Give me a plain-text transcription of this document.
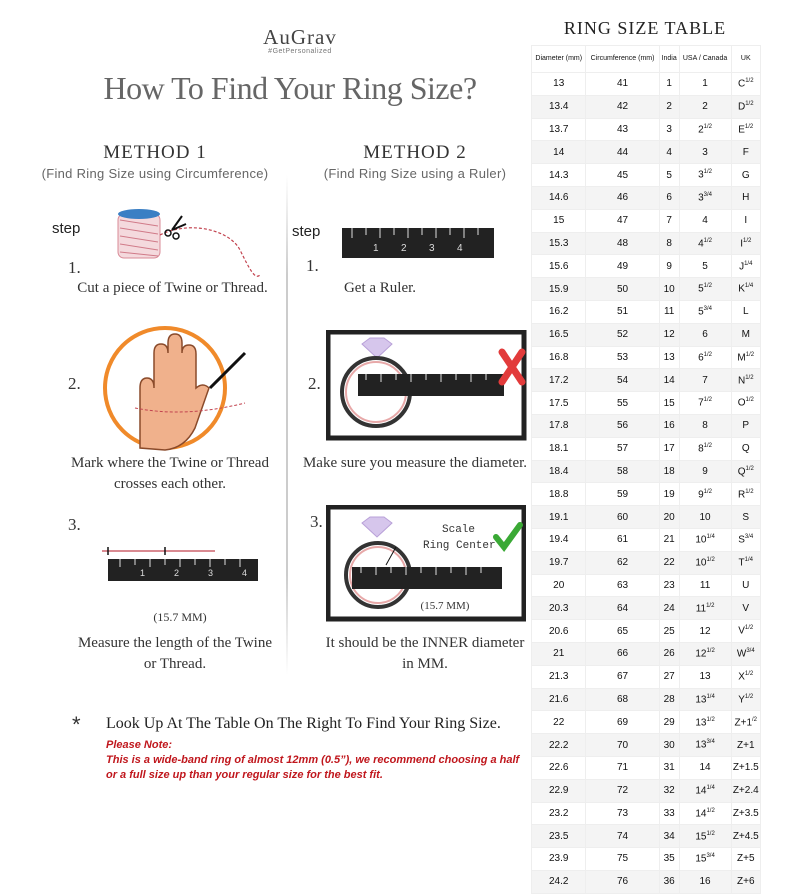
AuGrav
#GetPersonalized
How To Find Your Ring Size?
METHOD 1
(Find Ring Size using Circumference)
step
1.
Cut a piece of Twine or Thread.
2.
Mark where the Twine or Thread crosses each other.
3.
1	2	3	4
(15.7 MM)
Measure the length of the Twine or Thread.
METHOD 2
(Find Ring Size using a Ruler)
step
1 2 3 4
1.
Get a Ruler.
2.
Make sure you measure the diameter.
Scale
Ring Center
3.
(15.7 MM)
It should be the INNER diameter in MM.
RING SIZE TABLE
Diameter (mm)	Circumference (mm)	India	USA / Canada	UK
13	41	1	1	$C^{1/2}$
13.4	42	2	2	$D^{1/2}$
13.7	43	3	$2^{1/2}$	$E^{1/2}$
14	44	4	3	F
14.3	45	5	$3^{1/2}$	G
14.6	46	6	$3^{3/4}$	H
15	47	7	4	I
15.3	48	8	$4^{1/2}$	$I^{1/2}$
15.6	49	9	5	$J^{1/4}$
15.9	50	10	$5^{1/2}$	$K^{1/4}$
16.2	51	11	$5^{3/4}$	L
16.5	52	12	6	M
16.8	53	13	$6^{1/2}$	$M^{1/2}$
17.2	54	14	7	$N^{1/2}$
17.5	55	15	$7^{1/2}$	$O^{1/2}$
17.8	56	16	8	P
18.1	57	17	$8^{1/2}$	Q
18.4	58	18	9	$Q^{1/2}$
18.8	59	19	$9^{1/2}$	$R^{1/2}$
19.1	60	20	10	S
19.4	61	21	$10^{1/4}$	$S^{3/4}$
19.7	62	22	$10^{1/2}$	$T^{1/4}$
20	63	23	11	U
20.3	64	24	$11^{1/2}$	V
20.6	65	25	12	$V^{1/2}$
21	66	26	$12^{1/2}$	$W^{3/4}$
21.3	67	27	13	$X^{1/2}$
21.6	68	28	$13^{1/4}$	$Y^{1/2}$
22	69	29	$13^{1/2}$	$Z+1^{/2}$
22.2	70	30	$13^{3/4}$	Z+1
22.6	71	31	14	Z+1.5
22.9	72	32	$14^{1/4}$	Z+2.4
23.2	73	33	$14^{1/2}$	Z+3.5
23.5	74	34	$15^{1/2}$	Z+4.5
23.9	75	35	$15^{3/4}$	Z+5
24.2	76	36	16	Z+6
* Look Up At The Table On The Right To Find Your Ring Size.
Please Note:
This is a wide-band ring of almost 12mm (0.5”), we recommend choosing a half or a full size up than your regular size for the best fit.
